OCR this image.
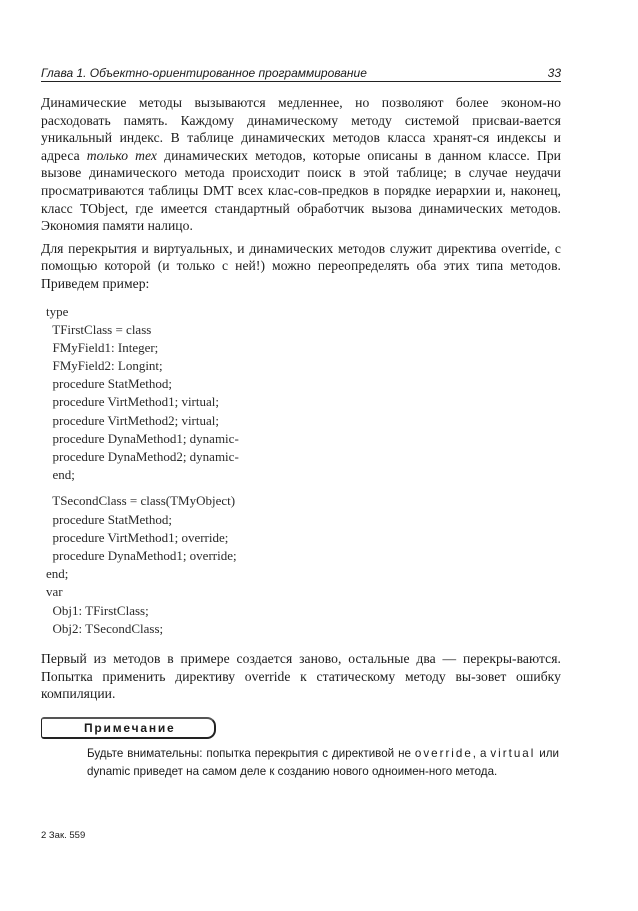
Глава 1. Объектно-ориентированное программирование	33

Динамические методы вызываются медленнее, но позволяют более эконом-но расходовать память. Каждому динамическому методу системой присваи-вается уникальный индекс. В таблице динамических методов класса хранят-ся индексы и адреса только тех динамических методов, которые описаны в данном классе. При вызове динамического метода происходит поиск в этой таблице; в случае неудачи просматриваются таблицы DMT всех клас-сов-предков в порядке иерархии и, наконец, класс TObject, где имеется стандартный обработчик вызова динамических методов. Экономия памяти налицо.

Для перекрытия и виртуальных, и динамических методов служит директива override, с помощью которой (и только с ней!) можно переопределять оба этих типа методов. Приведем пример:

type
TFirstClass = class
FMyField1: Integer;
FMyField2: Longint;
procedure StatMethod;
procedure VirtMethod1; virtual;
procedure VirtMethod2; virtual;
procedure DynaMethod1; dynamic-
procedure DynaMethod2; dynamic-
end;
TSecondClass = class(TMyObject)
procedure StatMethod;
procedure VirtMethod1; override;
procedure DynaMethod1; override;
end;
var
Obj1: TFirstClass;
Obj2: TSecondClass;

Первый из методов в примере создается заново, остальные два — перекры-ваются. Попытка применить директиву override к статическому методу вы-зовет ошибку компиляции.

Примечание
Будьте внимательны: попытка перекрытия с директивой не override, а virtual или dynamic приведет на самом деле к созданию нового одноимен-ного метода.
2 Зак. 559
